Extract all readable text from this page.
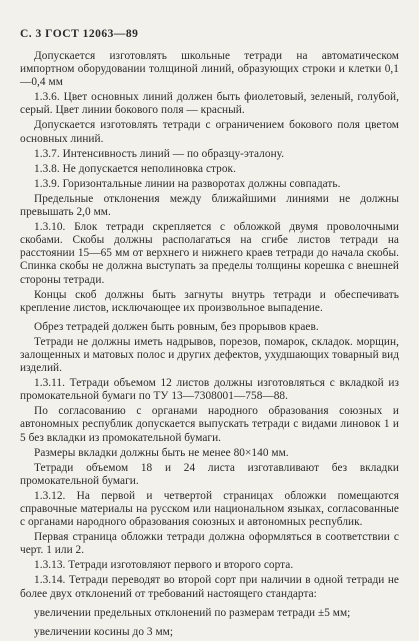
С. 3 ГОСТ 12063—89

Допускается изготовлять школьные тетради на автоматическом импортном оборудовании толщиной линий, образующих строки и клетки 0,1—0,4 мм

1.3.6. Цвет основных линий должен быть фиолетовый, зеленый, голубой, серый. Цвет линии бокового поля — красный.

Допускается изготовлять тетради с ограничением бокового поля цветом основных линий.

1.3.7. Интенсивность линий — по образцу-эталону.

1.3.8. Не допускается неполиновка строк.

1.3.9. Горизонтальные линии на разворотах должны совпадать.

Предельные отклонения между ближайшими линиями не должны превышать 2,0 мм.

1.3.10. Блок тетради скрепляется с обложкой двумя проволочными скобами. Скобы должны располагаться на сгибе листов тетради на расстоянии 15—65 мм от верхнего и нижнего краев тетради до начала скобы. Спинка скобы не должна выступать за пределы толщины корешка с внешней стороны тетради.

Концы скоб должны быть загнуты внутрь тетради и обеспечивать крепление листов, исключающее их произвольное выпадение.

Обрез тетрадей должен быть ровным, без прорывов краев.

Тетради не должны иметь надрывов, порезов, помарок, складок. морщин, залощенных и матовых полос и других дефектов, ухудшающих товарный вид изделий.

1.3.11. Тетради объемом 12 листов должны изготовляться с вкладкой из промокательной бумаги по ТУ 13—7308001—758—88.

По согласованию с органами народного образования союзных и автономных республик допускается выпускать тетради с видами линовок 1 и 5 без вкладки из промокательной бумаги.

Размеры вкладки должны быть не менее 80×140 мм.

Тетради объемом 18 и 24 листа изготавливают без вкладки промокательной бумаги.

1.3.12. На первой и четвертой страницах обложки помещаются справочные материалы на русском или национальном языках, согласованные с органами народного образования союзных и автономных республик.

Первая страница обложки тетради должна оформляться в соответствии с черт. 1 или 2.

1.3.13. Тетради изготовляют первого и второго сорта.

1.3.14. Тетради переводят во второй сорт при наличии в одной тетради не более двух отклонений от требований настоящего стандарта:

увеличении предельных отклонений по размерам тетради ±5 мм;

увеличении косины до 3 мм;
